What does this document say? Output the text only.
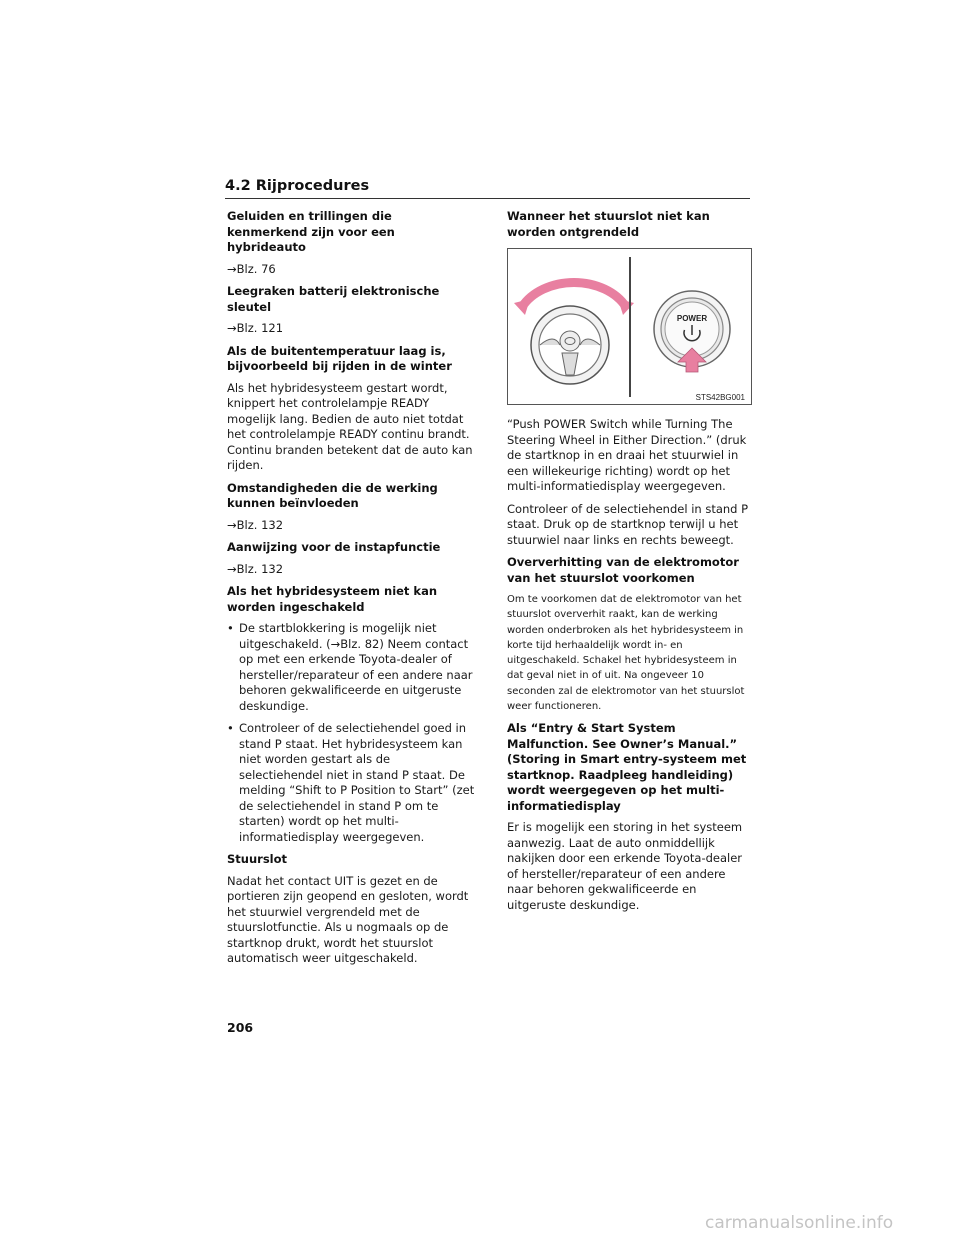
4.2 Rijprocedures
Geluiden en trillingen die kenmerkend zijn voor een hybrideauto
→Blz. 76
Leegraken batterij elektronische sleutel
→Blz. 121
Als de buitentemperatuur laag is, bijvoorbeeld bij rijden in de winter
Als het hybridesysteem gestart wordt, knippert het controlelampje READY mogelijk lang. Bedien de auto niet totdat het controlelampje READY continu brandt. Continu branden betekent dat de auto kan rijden.
Omstandigheden die de werking kunnen beïnvloeden
→Blz. 132
Aanwijzing voor de instapfunctie
→Blz. 132
Als het hybridesysteem niet kan worden ingeschakeld
• De startblokkering is mogelijk niet uitgeschakeld. (→Blz. 82) Neem contact op met een erkende Toyota-dealer of hersteller/reparateur of een andere naar behoren gekwalificeerde en uitgeruste deskundige.
• Controleer of de selectiehendel goed in stand P staat. Het hybridesysteem kan niet worden gestart als de selectiehendel niet in stand P staat. De melding “Shift to P Position to Start” (zet de selectiehendel in stand P om te starten) wordt op het multi-informatiedisplay weergegeven.
Stuurslot
Nadat het contact UIT is gezet en de portieren zijn geopend en gesloten, wordt het stuurwiel vergrendeld met de stuurslotfunctie. Als u nogmaals op de startknop drukt, wordt het stuurslot automatisch weer uitgeschakeld.
Wanneer het stuurslot niet kan worden ontgrendeld
POWER
STS42BG001
“Push POWER Switch while Turning The Steering Wheel in Either Direction.” (druk de startknop in en draai het stuurwiel in een willekeurige richting) wordt op het multi-informatiedisplay weergegeven.
Controleer of de selectiehendel in stand P staat. Druk op de startknop terwijl u het stuurwiel naar links en rechts beweegt.
Oververhitting van de elektromotor van het stuurslot voorkomen
Om te voorkomen dat de elektromotor van het stuurslot oververhit raakt, kan de werking worden onderbroken als het hybridesysteem in korte tijd herhaaldelijk wordt in- en uitgeschakeld. Schakel het hybridesysteem in dat geval niet in of uit. Na ongeveer 10 seconden zal de elektromotor van het stuurslot weer functioneren.
Als “Entry & Start System Malfunction. See Owner’s Manual.” (Storing in Smart entry-systeem met startknop. Raadpleeg handleiding) wordt weergegeven op het multi-informatiedisplay
Er is mogelijk een storing in het systeem aanwezig. Laat de auto onmiddellijk nakijken door een erkende Toyota-dealer of hersteller/reparateur of een andere naar behoren gekwalificeerde en uitgeruste deskundige.
206
carmanualsonline.info
